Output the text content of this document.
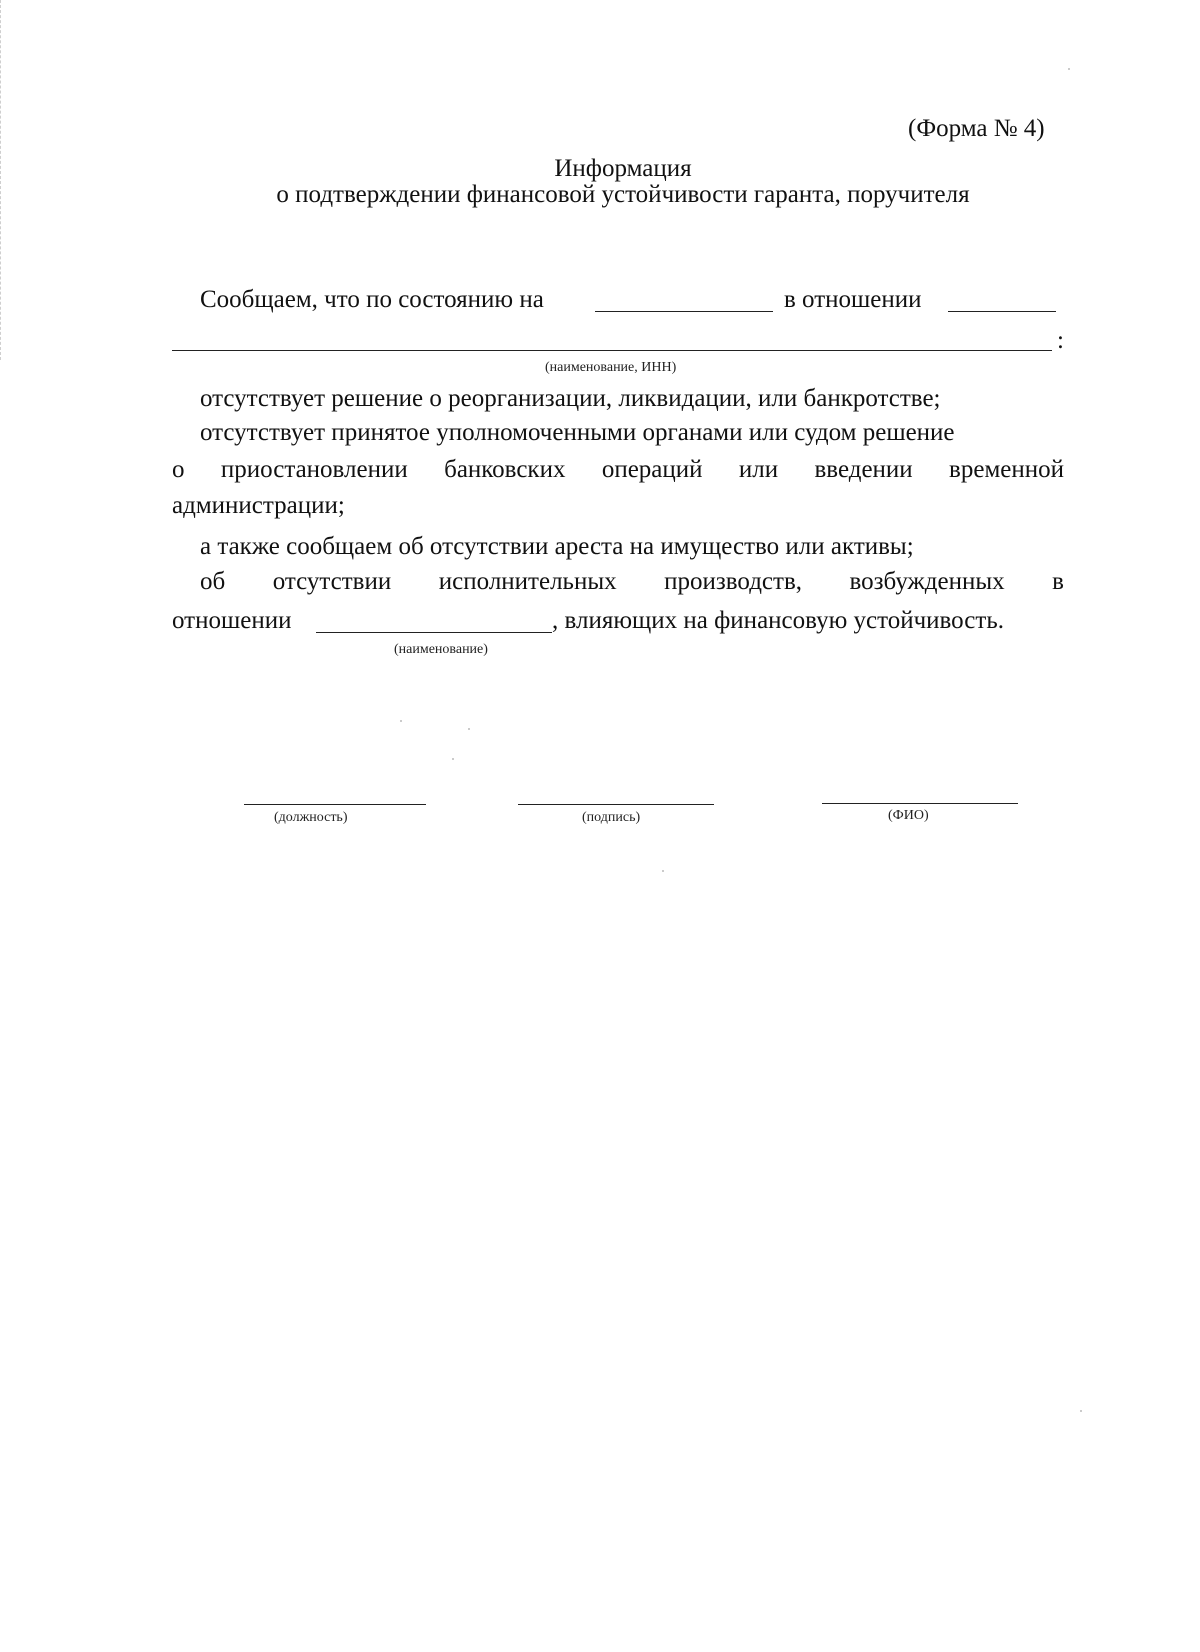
(Форма № 4)
Информация
о подтверждении финансовой устойчивости гаранта, поручителя
Сообщаем, что по состоянию на	в отношении
:
(наименование, ИНН)
отсутствует решение о реорганизации, ликвидации, или банкротстве;
отсутствует принятое уполномоченными органами или судом решение
о приостановлении банковских операций или введении временной
администрации;
а также сообщаем об отсутствии ареста на имущество или активы;
об отсутствии исполнительных производств, возбужденных в
отношении	, влияющих на финансовую устойчивость.
(наименование)
(должность)	(подпись)	(ФИО)
